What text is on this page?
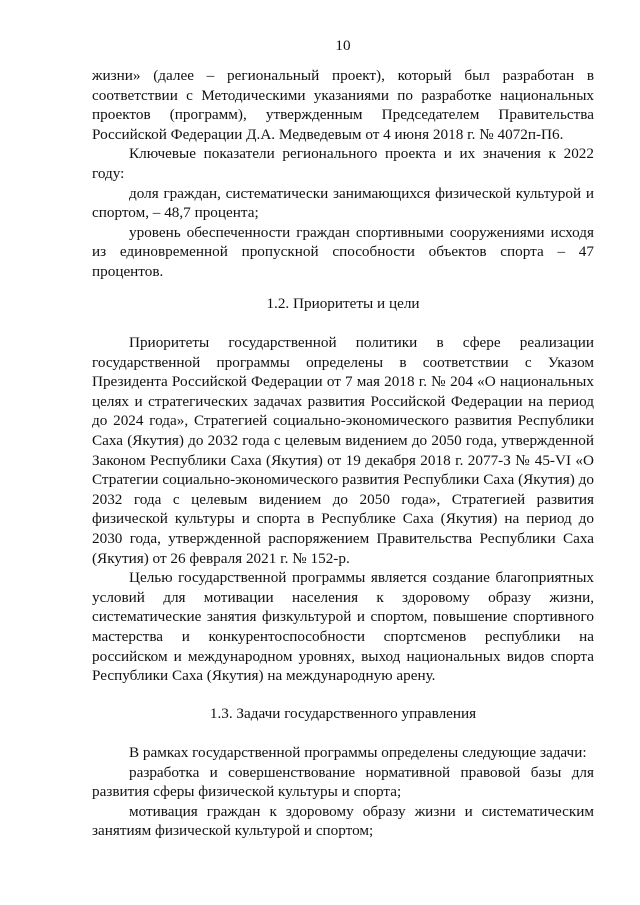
10

жизни» (далее – региональный проект), который был разработан в соответствии с Методическими указаниями по разработке национальных проектов (программ), утвержденным Председателем Правительства Российской Федерации Д.А. Медведевым от 4 июня 2018 г. № 4072п-П6.

Ключевые показатели регионального проекта и их значения к 2022 году:

доля граждан, систематически занимающихся физической культурой и спортом, – 48,7 процента;

уровень обеспеченности граждан спортивными сооружениями исходя из единовременной пропускной способности объектов спорта – 47 процентов.

1.2. Приоритеты и цели

Приоритеты государственной политики в сфере реализации государственной программы определены в соответствии с Указом Президента Российской Федерации от 7 мая 2018 г. № 204 «О национальных целях и стратегических задачах развития Российской Федерации на период до 2024 года», Стратегией социально-экономического развития Республики Саха (Якутия) до 2032 года с целевым видением до 2050 года, утвержденной Законом Республики Саха (Якутия) от 19 декабря 2018 г. 2077-З № 45-VI «О Стратегии социально-экономического развития Республики Саха (Якутия) до 2032 года с целевым видением до 2050 года», Стратегией развития физической культуры и спорта в Республике Саха (Якутия) на период до 2030 года, утвержденной распоряжением Правительства Республики Саха (Якутия) от 26 февраля 2021 г. № 152-р.

Целью государственной программы является создание благоприятных условий для мотивации населения к здоровому образу жизни, систематические занятия физкультурой и спортом, повышение спортивного мастерства и конкурентоспособности спортсменов республики на российском и международном уровнях, выход национальных видов спорта Республики Саха (Якутия) на международную арену.

1.3. Задачи государственного управления

В рамках государственной программы определены следующие задачи:

разработка и совершенствование нормативной правовой базы для развития сферы физической культуры и спорта;

мотивация граждан к здоровому образу жизни и систематическим занятиям физической культурой и спортом;
